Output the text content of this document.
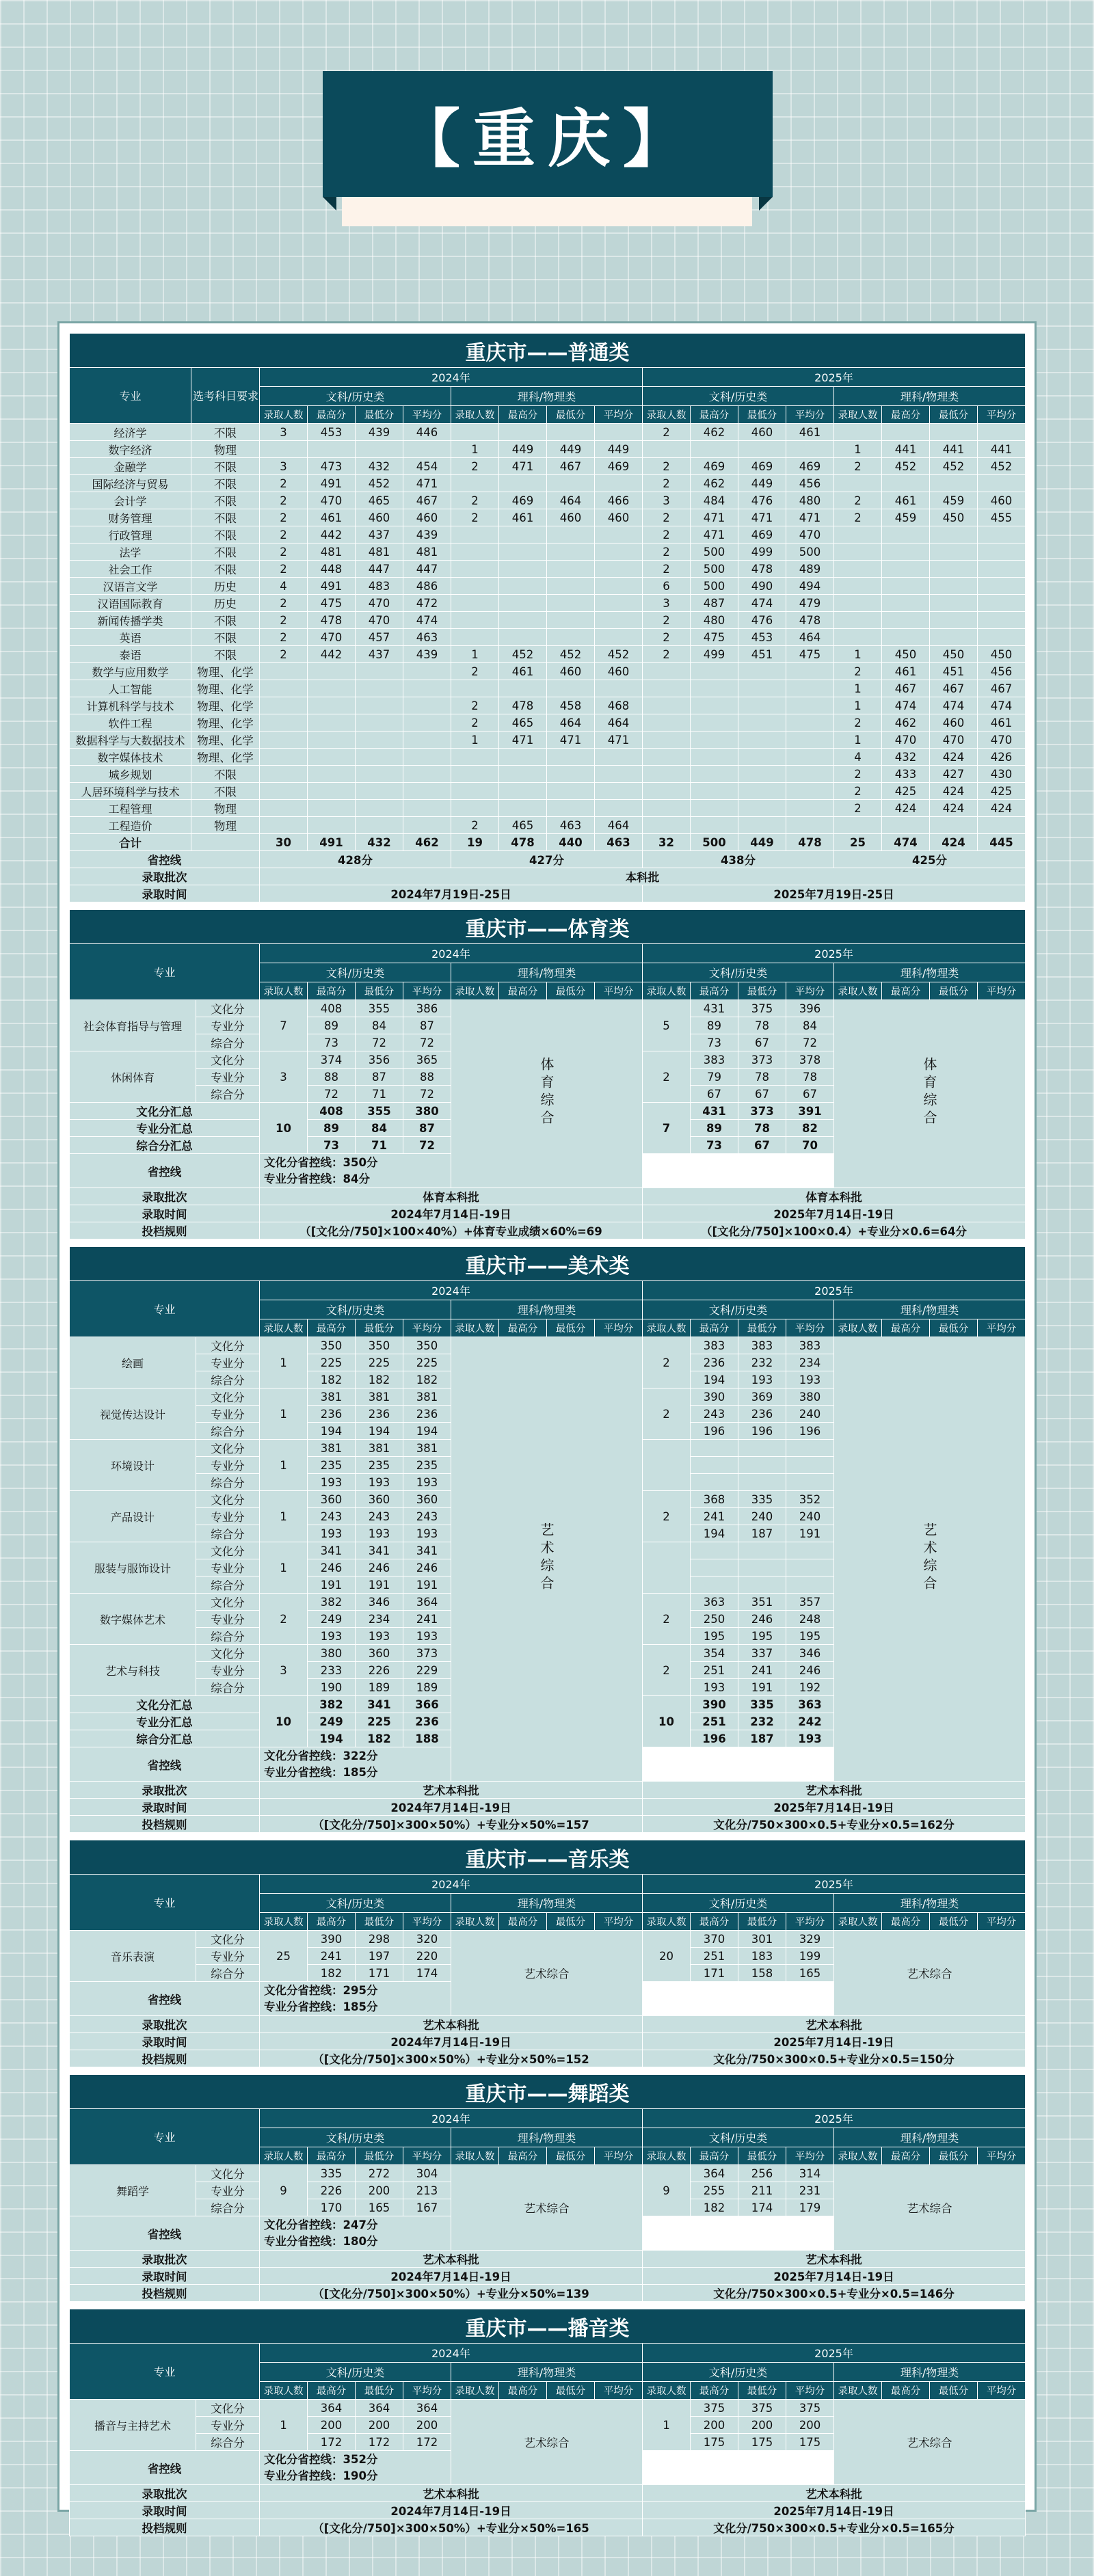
【重庆】
重庆市——普通类																	
专业	选考科目要求	2024年								2025年							
		文科/历史类				理科/物理类				文科/历史类				理科/物理类			
		录取人数	最高分	最低分	平均分	录取人数	最高分	最低分	平均分	录取人数	最高分	最低分	平均分	录取人数	最高分	最低分	平均分
经济学	不限	3	453	439	446					2	462	460	461				
数字经济	物理					1	449	449	449					1	441	441	441
金融学	不限	3	473	432	454	2	471	467	469	2	469	469	469	2	452	452	452
国际经济与贸易	不限	2	491	452	471					2	462	449	456				
会计学	不限	2	470	465	467	2	469	464	466	3	484	476	480	2	461	459	460
财务管理	不限	2	461	460	460	2	461	460	460	2	471	471	471	2	459	450	455
行政管理	不限	2	442	437	439					2	471	469	470				
法学	不限	2	481	481	481					2	500	499	500				
社会工作	不限	2	448	447	447					2	500	478	489				
汉语言文学	历史	4	491	483	486					6	500	490	494				
汉语国际教育	历史	2	475	470	472					3	487	474	479				
新闻传播学类	不限	2	478	470	474					2	480	476	478				
英语	不限	2	470	457	463					2	475	453	464				
泰语	不限	2	442	437	439	1	452	452	452	2	499	451	475	1	450	450	450
数学与应用数学	物理、化学					2	461	460	460					2	461	451	456
人工智能	物理、化学													1	467	467	467
计算机科学与技术	物理、化学					2	478	458	468					1	474	474	474
软件工程	物理、化学					2	465	464	464					2	462	460	461
数据科学与大数据技术	物理、化学					1	471	471	471					1	470	470	470
数字媒体技术	物理、化学													4	432	424	426
城乡规划	不限													2	433	427	430
人居环境科学与技术	不限													2	425	424	425
工程管理	物理													2	424	424	424
工程造价	物理					2	465	463	464								
合计		30	491	432	462	19	478	440	463	32	500	449	478	25	474	424	445
省控线		428分				427分				438分				425分			
录取批次		本科批															
录取时间		2024年7月19日-25日								2025年7月19日-25日							
重庆市——体育类																	
专业		2024年								2025年							
		文科/历史类				理科/物理类				文科/历史类				理科/物理类			
		录取人数	最高分	最低分	平均分	录取人数	最高分	最低分	平均分	录取人数	最高分	最低分	平均分	录取人数	最高分	最低分	平均分
社会体育指导与管理	文化分	7	408	355	386	体育综合				5	431	375	396	体育综合			
	专业分		89	84	87						89	78	84				
	综合分		73	72	72						73	67	72				
休闲体育	文化分	3	374	356	365					2	383	373	378				
	专业分		88	87	88						79	78	78				
	综合分		72	71	72						67	67	67				
文化分汇总		10	408	355	380					7	431	373	391				
专业分汇总			89	84	87						89	78	82				
综合分汇总			73	71	72						73	67	70				
省控线		文化分省控线：350分
专业分省控线：84分															

录取批次		体育本科批								体育本科批							
录取时间		2024年7月14日-19日								2025年7月14日-19日							
投档规则		（[文化分/750]×100×40%）+体育专业成绩×60%=69								（[文化分/750]×100×0.4）+专业分×0.6=64分							
重庆市——美术类																	
专业		2024年								2025年							
		文科/历史类				理科/物理类				文科/历史类				理科/物理类			
		录取人数	最高分	最低分	平均分	录取人数	最高分	最低分	平均分	录取人数	最高分	最低分	平均分	录取人数	最高分	最低分	平均分
绘画	文化分	1	350	350	350	艺术综合				2	383	383	383	艺术综合			
	专业分		225	225	225						236	232	234				
	综合分		182	182	182						194	193	193				
视觉传达设计	文化分	1	381	381	381					2	390	369	380				
	专业分		236	236	236						243	236	240				
	综合分		194	194	194						196	196	196				
环境设计	文化分	1	381	381	381												
	专业分		235	235	235												
	综合分		193	193	193												
产品设计	文化分	1	360	360	360					2	368	335	352				
	专业分		243	243	243						241	240	240				
	综合分		193	193	193						194	187	191				
服装与服饰设计	文化分	1	341	341	341												
	专业分		246	246	246												
	综合分		191	191	191												
数字媒体艺术	文化分	2	382	346	364					2	363	351	357				
	专业分		249	234	241						250	246	248				
	综合分		193	193	193						195	195	195				
艺术与科技	文化分	3	380	360	373					2	354	337	346				
	专业分		233	226	229						251	241	246				
	综合分		190	189	189						193	191	192				
文化分汇总		10	382	341	366					10	390	335	363				
专业分汇总			249	225	236						251	232	242				
综合分汇总			194	182	188						196	187	193				
省控线		文化分省控线：322分
专业分省控线：185分															

录取批次		艺术本科批								艺术本科批							
录取时间		2024年7月14日-19日								2025年7月14日-19日							
投档规则		（[文化分/750]×300×50%）+专业分×50%=157								文化分/750×300×0.5+专业分×0.5=162分							
重庆市——音乐类																	
专业		2024年								2025年							
		文科/历史类				理科/物理类				文科/历史类				理科/物理类			
		录取人数	最高分	最低分	平均分	录取人数	最高分	最低分	平均分	录取人数	最高分	最低分	平均分	录取人数	最高分	最低分	平均分
音乐表演	文化分	25	390	298	320	艺术综合				20	370	301	329	艺术综合			
	专业分		241	197	220						251	183	199				
	综合分		182	171	174						171	158	165				
省控线		文化分省控线：295分
专业分省控线：185分															

录取批次		艺术本科批								艺术本科批							
录取时间		2024年7月14日-19日								2025年7月14日-19日							
投档规则		（[文化分/750]×300×50%）+专业分×50%=152								文化分/750×300×0.5+专业分×0.5=150分							
重庆市——舞蹈类																	
专业		2024年								2025年							
		文科/历史类				理科/物理类				文科/历史类				理科/物理类			
		录取人数	最高分	最低分	平均分	录取人数	最高分	最低分	平均分	录取人数	最高分	最低分	平均分	录取人数	最高分	最低分	平均分
舞蹈学	文化分	9	335	272	304	艺术综合				9	364	256	314	艺术综合			
	专业分		226	200	213						255	211	231				
	综合分		170	165	167						182	174	179				
省控线		文化分省控线：247分
专业分省控线：180分															

录取批次		艺术本科批								艺术本科批							
录取时间		2024年7月14日-19日								2025年7月14日-19日							
投档规则		（[文化分/750]×300×50%）+专业分×50%=139								文化分/750×300×0.5+专业分×0.5=146分							
重庆市——播音类																	
专业		2024年								2025年							
		文科/历史类				理科/物理类				文科/历史类				理科/物理类			
		录取人数	最高分	最低分	平均分	录取人数	最高分	最低分	平均分	录取人数	最高分	最低分	平均分	录取人数	最高分	最低分	平均分
播音与主持艺术	文化分	1	364	364	364	艺术综合				1	375	375	375	艺术综合			
	专业分		200	200	200						200	200	200				
	综合分		172	172	172						175	175	175				
省控线		文化分省控线：352分
专业分省控线：190分															

录取批次		艺术本科批								艺术本科批							
录取时间		2024年7月14日-19日								2025年7月14日-19日							
投档规则		（[文化分/750]×300×50%）+专业分×50%=165								文化分/750×300×0.5+专业分×0.5=165分							
